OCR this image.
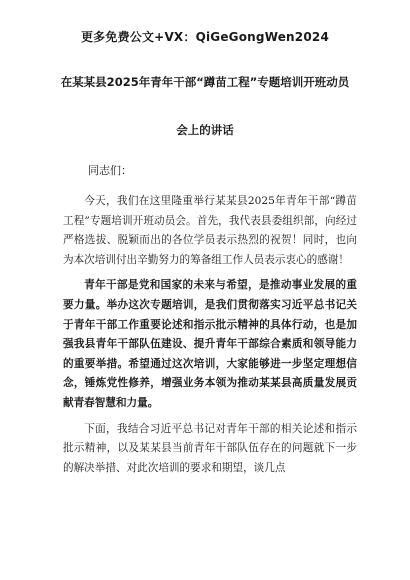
更多免费公文+VX：QiGeGongWen2024
在某某县2025年青年干部“蹲苗工程”专题培训开班动员
会上的讲话
同志们：

今天，我们在这里隆重举行某某县2025年青年干部“蹲苗工程”专题培训开班动员会。首先，我代表县委组织部，向经过严格选拔、脱颖而出的各位学员表示热烈的祝贺！同时，也向为本次培训付出辛勤努力的筹备组工作人员表示衷心的感谢！

青年干部是党和国家的未来与希望，是推动事业发展的重要力量。举办这次专题培训，是我们贯彻落实习近平总书记关于青年干部工作重要论述和指示批示精神的具体行动，也是加强我县青年干部队伍建设、提升青年干部综合素质和领导能力的重要举措。希望通过这次培训，大家能够进一步坚定理想信念，锤炼党性修养，增强业务本领为推动某某县高质量发展贡献青春智慧和力量。

下面，我结合习近平总书记对青年干部的相关论述和指示批示精神，以及某某县当前青年干部队伍存在的问题就下一步的解决举措、对此次培训的要求和期望，谈几点
